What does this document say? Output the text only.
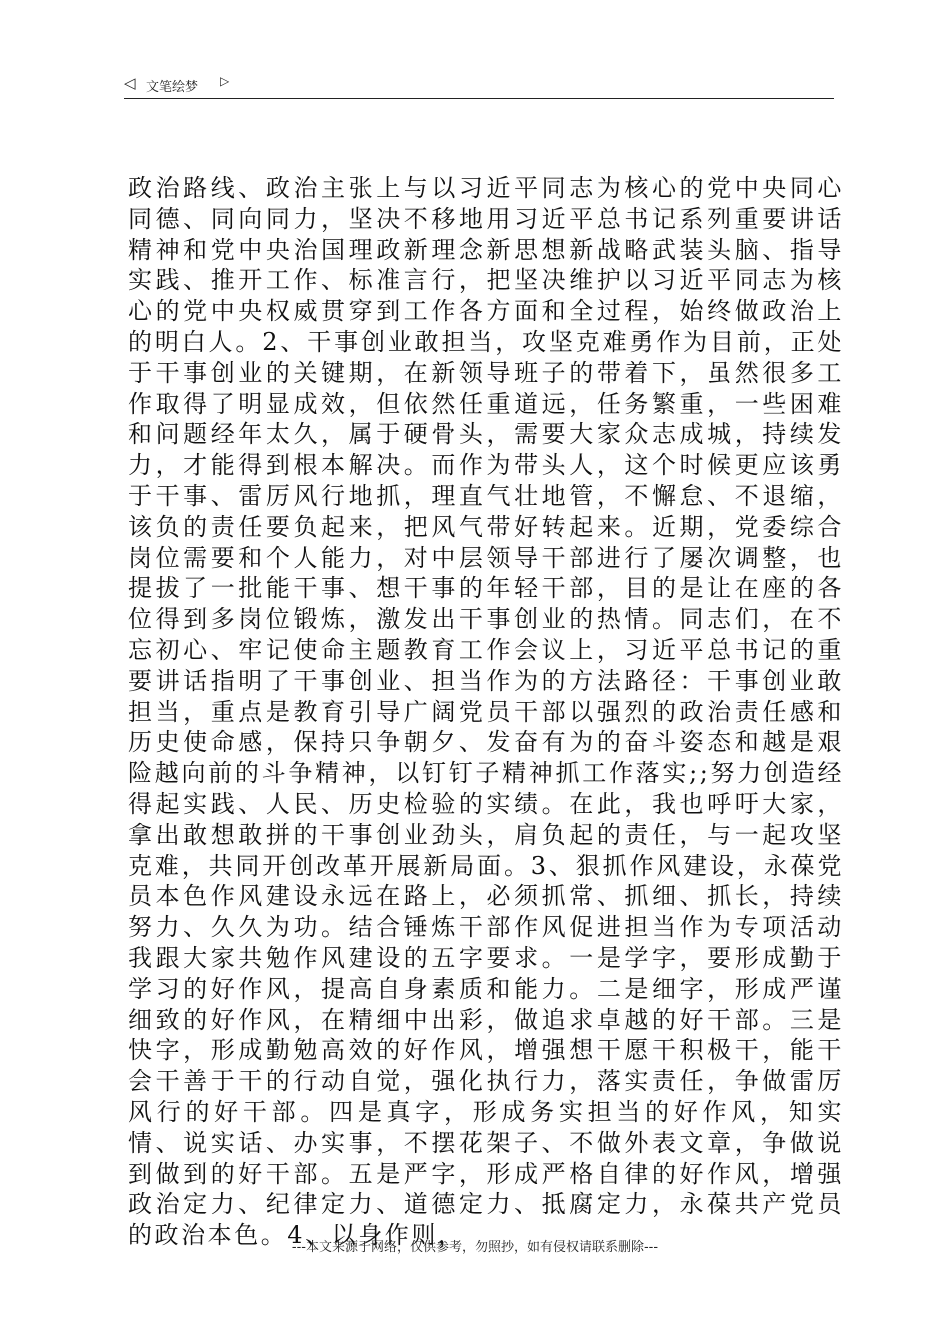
◁ 文笔绘梦 ▷

政治路线、政治主张上与以习近平同志为核心的党中央同心同德、同向同力，坚决不移地用习近平总书记系列重要讲话精神和党中央治国理政新理念新思想新战略武装头脑、指导实践、推开工作、标准言行，把坚决维护以习近平同志为核心的党中央权威贯穿到工作各方面和全过程，始终做政治上的明白人。2、干事创业敢担当，攻坚克难勇作为目前，正处于干事创业的关键期，在新领导班子的带着下，虽然很多工作取得了明显成效，但依然任重道远，任务繁重，一些困难和问题经年太久，属于硬骨头，需要大家众志成城，持续发力，才能得到根本解决。而作为带头人，这个时候更应该勇于干事、雷厉风行地抓，理直气壮地管，不懈怠、不退缩，该负的责任要负起来，把风气带好转起来。近期，党委综合岗位需要和个人能力，对中层领导干部进行了屡次调整，也提拔了一批能干事、想干事的年轻干部，目的是让在座的各位得到多岗位锻炼，激发出干事创业的热情。同志们，在不忘初心、牢记使命主题教育工作会议上，习近平总书记的重要讲话指明了干事创业、担当作为的方法路径：干事创业敢担当，重点是教育引导广阔党员干部以强烈的政治责任感和历史使命感，保持只争朝夕、发奋有为的奋斗姿态和越是艰险越向前的斗争精神，以钉钉子精神抓工作落实;;努力创造经得起实践、人民、历史检验的实绩。在此，我也呼吁大家，拿出敢想敢拼的干事创业劲头，肩负起的责任，与一起攻坚克难，共同开创改革开展新局面。3、狠抓作风建设，永葆党员本色作风建设永远在路上，必须抓常、抓细、抓长，持续努力、久久为功。结合锤炼干部作风促进担当作为专项活动我跟大家共勉作风建设的五字要求。一是学字，要形成勤于学习的好作风，提高自身素质和能力。二是细字，形成严谨细致的好作风，在精细中出彩，做追求卓越的好干部。三是快字，形成勤勉高效的好作风，增强想干愿干积极干，能干会干善于干的行动自觉，强化执行力，落实责任，争做雷厉风行的好干部。四是真字，形成务实担当的好作风，知实情、说实话、办实事，不摆花架子、不做外表文章，争做说到做到的好干部。五是严字，形成严格自律的好作风，增强政治定力、纪律定力、道德定力、抵腐定力，永葆共产党员的政治本色。4、以身作则，

---本文来源于网络，仅供参考，勿照抄，如有侵权请联系删除---
